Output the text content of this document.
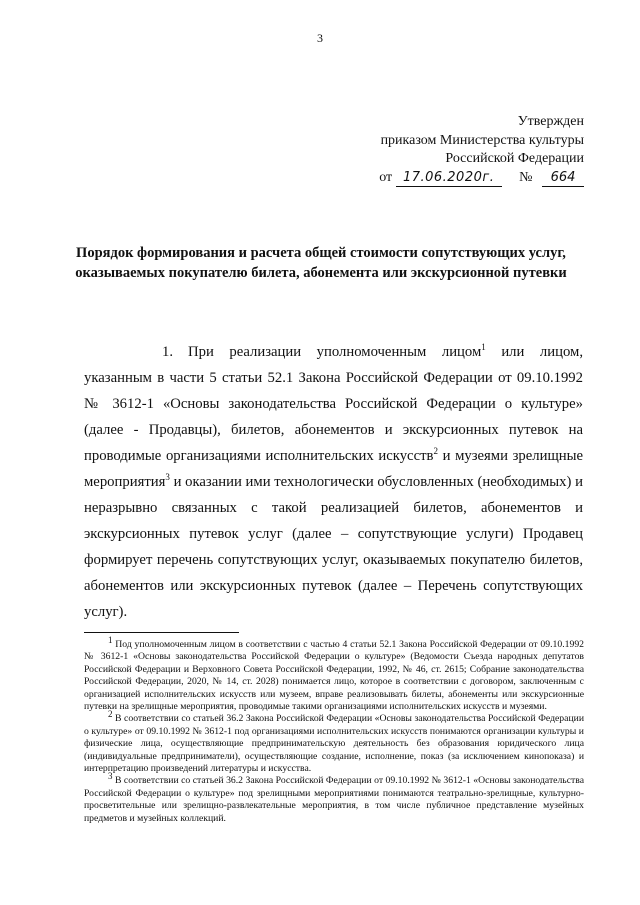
3
Утвержден
приказом Министерства культуры
Российской Федерации
от 17.06.2020г. № 664
Порядок формирования и расчета общей стоимости сопутствующих услуг, оказываемых покупателю билета, абонемента или экскурсионной путевки
1. При реализации уполномоченным лицом$^1$ или лицом, указанным в части 5 статьи 52.1 Закона Российской Федерации от 09.10.1992 № 3612-1 «Основы законодательства Российской Федерации о культуре» (далее - Продавцы), билетов, абонементов и экскурсионных путевок на проводимые организациями исполнительских искусств$^2$ и музеями зрелищные мероприятия$^3$ и оказании ими технологически обусловленных (необходимых) и неразрывно связанных с такой реализацией билетов, абонементов и экскурсионных путевок услуг (далее – сопутствующие услуги) Продавец формирует перечень сопутствующих услуг, оказываемых покупателю билетов, абонементов или экскурсионных путевок (далее – Перечень сопутствующих услуг).

$^1$ Под уполномоченным лицом в соответствии с частью 4 статьи 52.1 Закона Российской Федерации от 09.10.1992 № 3612-1 «Основы законодательства Российской Федерации о культуре» (Ведомости Съезда народных депутатов Российской Федерации и Верховного Совета Российской Федерации, 1992, № 46, ст. 2615; Собрание законодательства Российской Федерации, 2020, № 14, ст. 2028) понимается лицо, которое в соответствии с договором, заключенным с организацией исполнительских искусств или музеем, вправе реализовывать билеты, абонементы или экскурсионные путевки на зрелищные мероприятия, проводимые такими организациями исполнительских искусств и музеями.

$^2$ В соответствии со статьей 36.2 Закона Российской Федерации «Основы законодательства Российской Федерации о культуре» от 09.10.1992 № 3612-1 под организациями исполнительских искусств понимаются организации культуры и физические лица, осуществляющие предпринимательскую деятельность без образования юридического лица (индивидуальные предприниматели), осуществляющие создание, исполнение, показ (за исключением кинопоказа) и интерпретацию произведений литературы и искусства.

$^3$ В соответствии со статьей 36.2 Закона Российской Федерации от 09.10.1992 № 3612-1 «Основы законодательства Российской Федерации о культуре» под зрелищными мероприятиями понимаются театрально-зрелищные, культурно-просветительные или зрелищно-развлекательные мероприятия, в том числе публичное представление музейных предметов и музейных коллекций.
